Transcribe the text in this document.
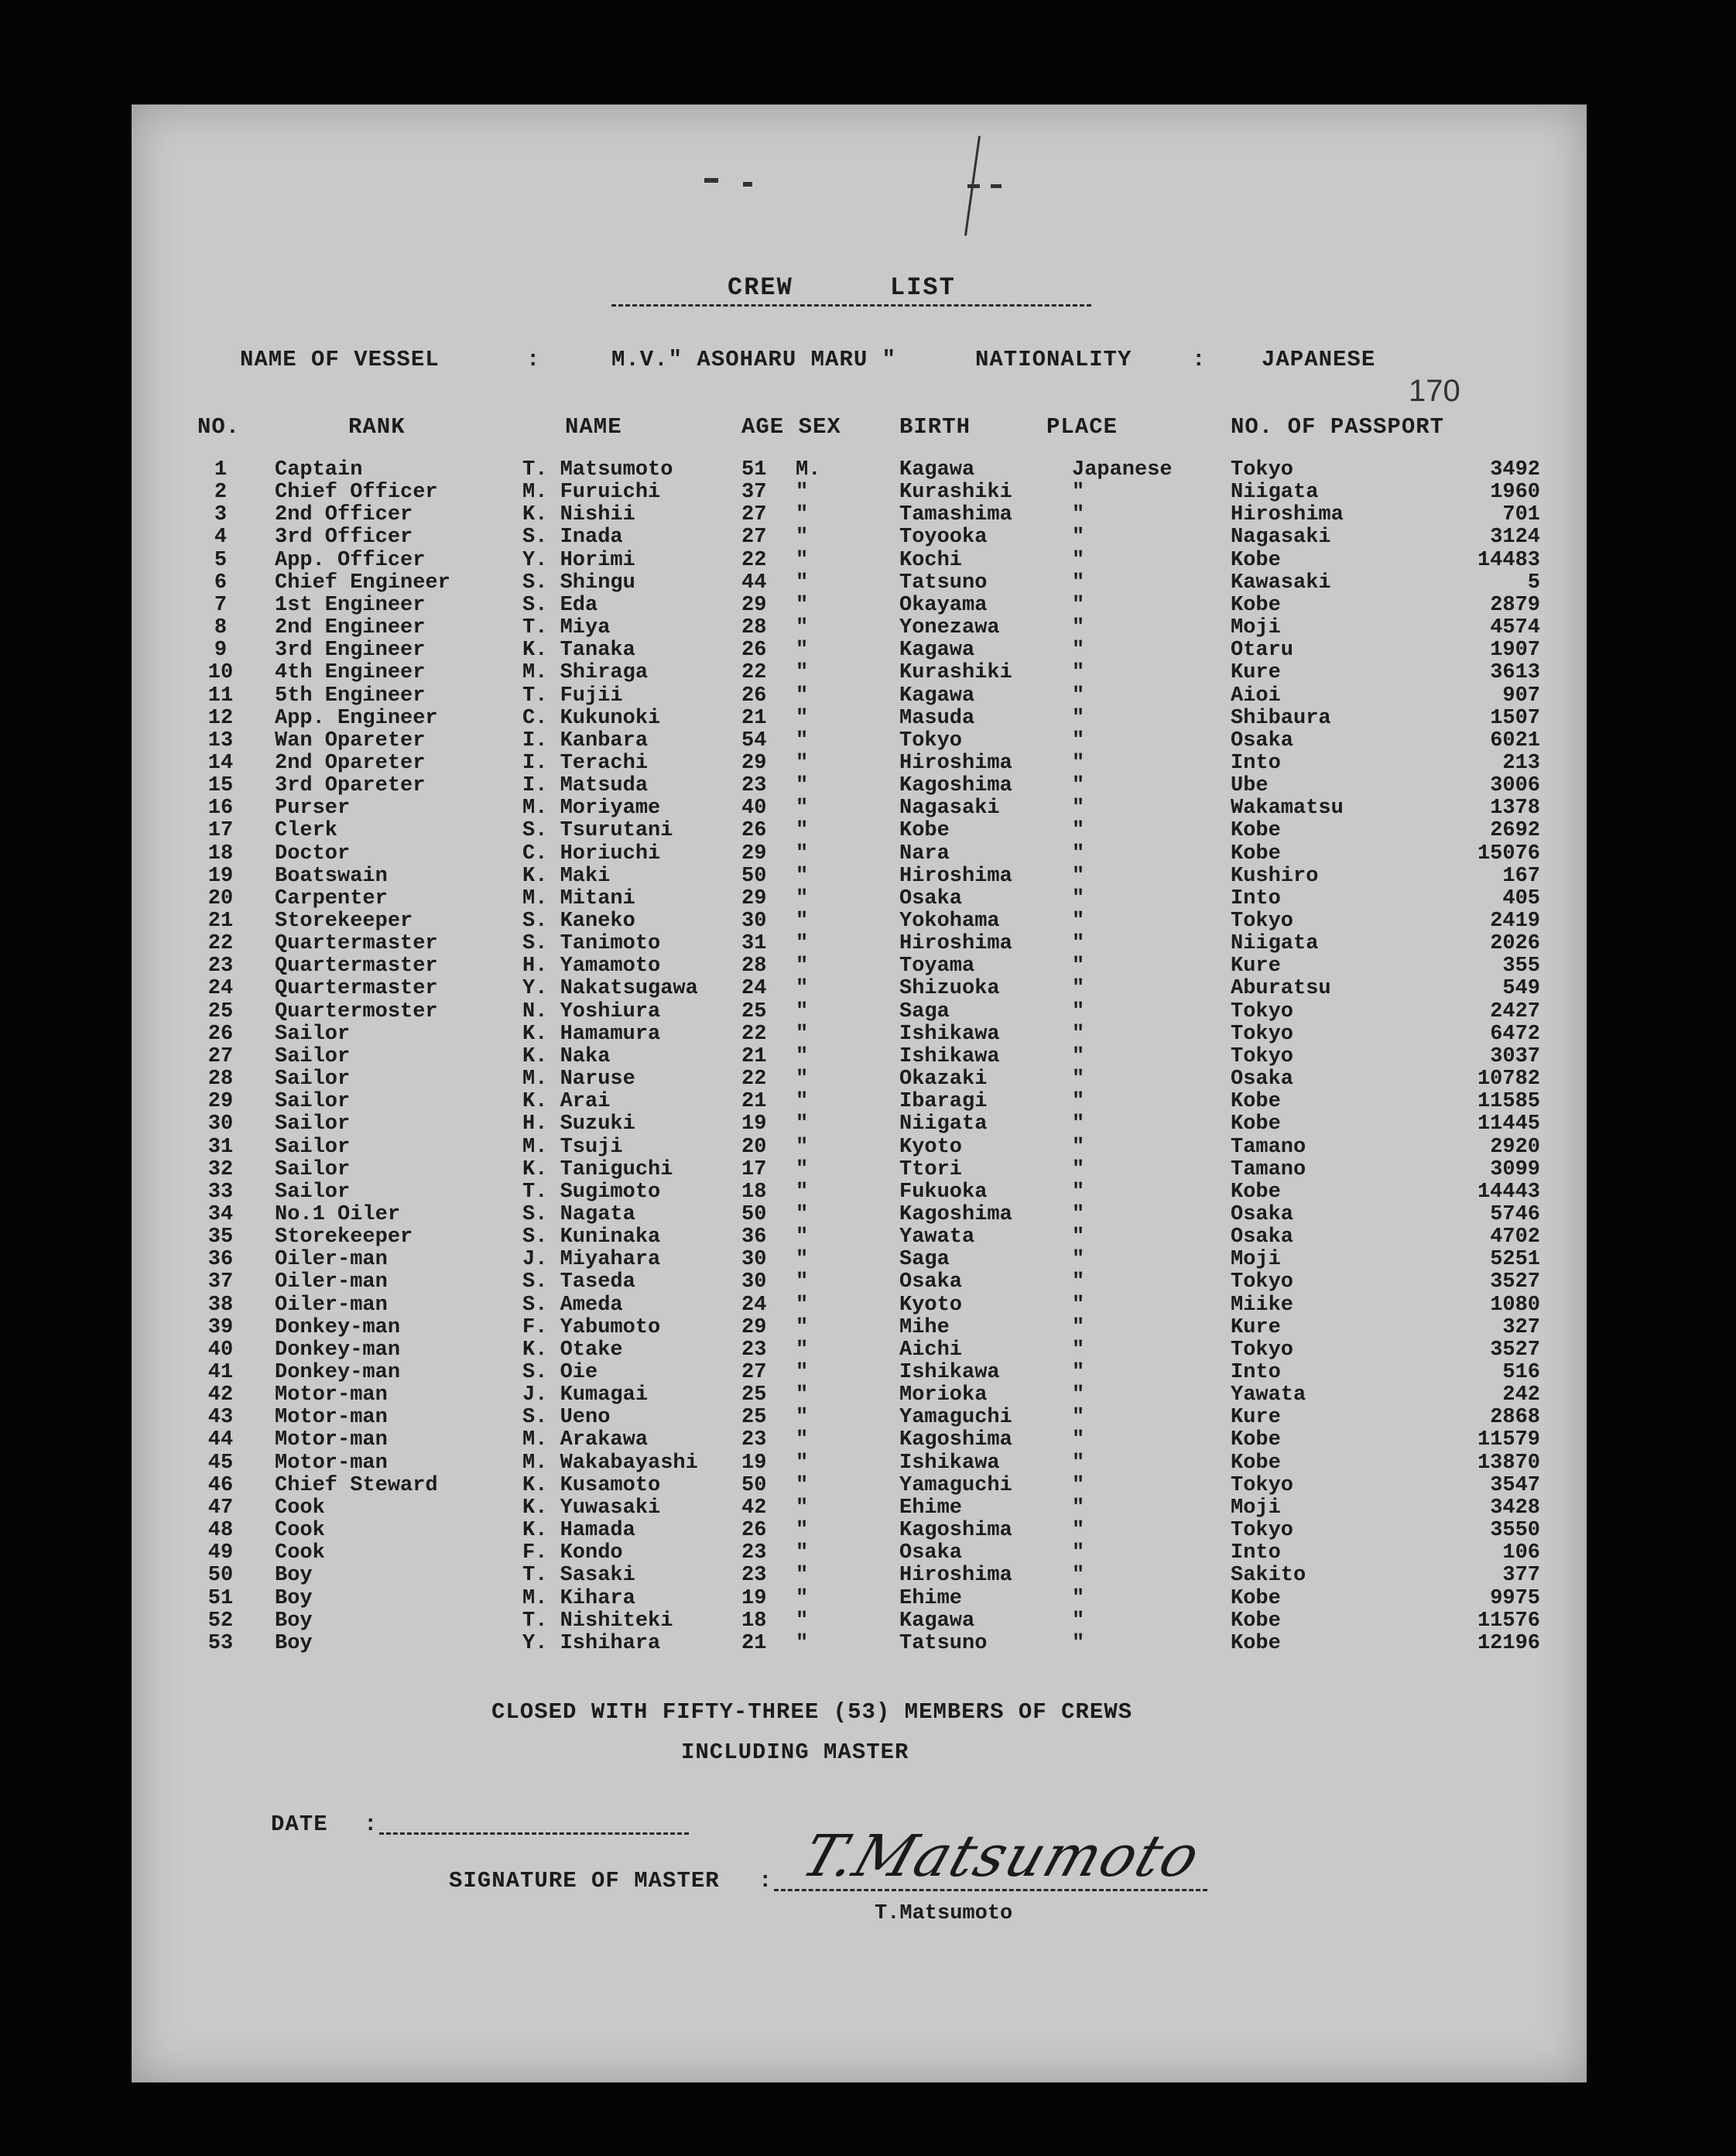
CREW	LIST
NAME OF VESSEL	:	M.V." ASOHARU MARU "	NATIONALITY	: JAPANESE
170
NO.	RANK	NAME	AGE SEX	BIRTH	PLACE	NO. OF PASSPORT
1	Captain	T. Matsumoto	51 M.	Kagawa	Japanese	Tokyo	3492
2	Chief Officer	M. Furuichi	37 "	Kurashiki	"	Niigata	1960
3	2nd Officer	K. Nishii	27 "	Tamashima	"	Hiroshima	701
4	3rd Officer	S. Inada	27 "	Toyooka	"	Nagasaki	3124
5	App. Officer	Y. Horimi	22 "	Kochi	"	Kobe	14483
6	Chief Engineer	S. Shingu	44 "	Tatsuno	"	Kawasaki	5
7	1st Engineer	S. Eda	29 "	Okayama	"	Kobe	2879
8	2nd Engineer	T. Miya	28 "	Yonezawa	"	Moji	4574
9	3rd Engineer	K. Tanaka	26 "	Kagawa	"	Otaru	1907
10	4th Engineer	M. Shiraga	22 "	Kurashiki	"	Kure	3613
11	5th Engineer	T. Fujii	26 "	Kagawa	"	Aioi	907
12	App. Engineer	C. Kukunoki	21 "	Masuda	"	Shibaura	1507
13	Wan Opareter	I. Kanbara	54 "	Tokyo	"	Osaka	6021
14	2nd Opareter	I. Terachi	29 "	Hiroshima	"	Into	213
15	3rd Opareter	I. Matsuda	23 "	Kagoshima	"	Ube	3006
16	Purser	M. Moriyame	40 "	Nagasaki	"	Wakamatsu	1378
17	Clerk	S. Tsurutani	26 "	Kobe	"	Kobe	2692
18	Doctor	C. Horiuchi	29 "	Nara	"	Kobe	15076
19	Boatswain	K. Maki	50 "	Hiroshima	"	Kushiro	167
20	Carpenter	M. Mitani	29 "	Osaka	"	Into	405
21	Storekeeper	S. Kaneko	30 "	Yokohama	"	Tokyo	2419
22	Quartermaster	S. Tanimoto	31 "	Hiroshima	"	Niigata	2026
23	Quartermaster	H. Yamamoto	28 "	Toyama	"	Kure	355
24	Quartermaster	Y. Nakatsugawa 24 "	Shizuoka	"	Aburatsu	549
25	Quartermoster	N. Yoshiura	25 "	Saga	"	Tokyo	2427
26	Sailor	K. Hamamura	22 "	Ishikawa	"	Tokyo	6472
27	Sailor	K. Naka	21 "	Ishikawa	"	Tokyo	3037
28	Sailor	M. Naruse	22 "	Okazaki	"	Osaka	10782
29	Sailor	K. Arai	21 "	Ibaragi	"	Kobe	11585
30	Sailor	H. Suzuki	19 "	Niigata	"	Kobe	11445
31	Sailor	M. Tsuji	20 "	Kyoto	"	Tamano	2920
32	Sailor	K. Taniguchi	17 "	Ttori	"	Tamano	3099
33	Sailor	T. Sugimoto	18 "	Fukuoka	"	Kobe	14443
34	No.1 Oiler	S. Nagata	50 "	Kagoshima	"	Osaka	5746
35	Storekeeper	S. Kuninaka	36 "	Yawata	"	Osaka	4702
36	Oiler-man	J. Miyahara	30 "	Saga	"	Moji	5251
37	Oiler-man	S. Taseda	30 "	Osaka	"	Tokyo	3527
38	Oiler-man	S. Ameda	24 "	Kyoto	"	Miike	1080
39	Donkey-man	F. Yabumoto	29 "	Mihe	"	Kure	327
40	Donkey-man	K. Otake	23 "	Aichi	"	Tokyo	3527
41	Donkey-man	S. Oie	27 "	Ishikawa	"	Into	516
42	Motor-man	J. Kumagai	25 "	Morioka	"	Yawata	242
43	Motor-man	S. Ueno	25 "	Yamaguchi	"	Kure	2868
44	Motor-man	M. Arakawa	23 "	Kagoshima	"	Kobe	11579
45	Motor-man	M. Wakabayashi 19 "	Ishikawa	"	Kobe	13870
46	Chief Steward	K. Kusamoto	50 "	Yamaguchi	"	Tokyo	3547
47	Cook	K. Yuwasaki	42 "	Ehime	"	Moji	3428
48	Cook	K. Hamada	26 "	Kagoshima	"	Tokyo	3550
49	Cook	F. Kondo	23 "	Osaka	"	Into	106
50	Boy	T. Sasaki	23 "	Hiroshima	"	Sakito	377
51	Boy	M. Kihara	19 "	Ehime	"	Kobe	9975
52	Boy	T. Nishiteki	18 "	Kagawa	"	Kobe	11576
53	Boy	Y. Ishihara	21 "	Tatsuno	"	Kobe	12196
CLOSED WITH FIFTY-THREE (53) MEMBERS OF CREWS
INCLUDING MASTER
DATE :
SIGNATURE OF MASTER : T.Matsumoto
T.Matsumoto
